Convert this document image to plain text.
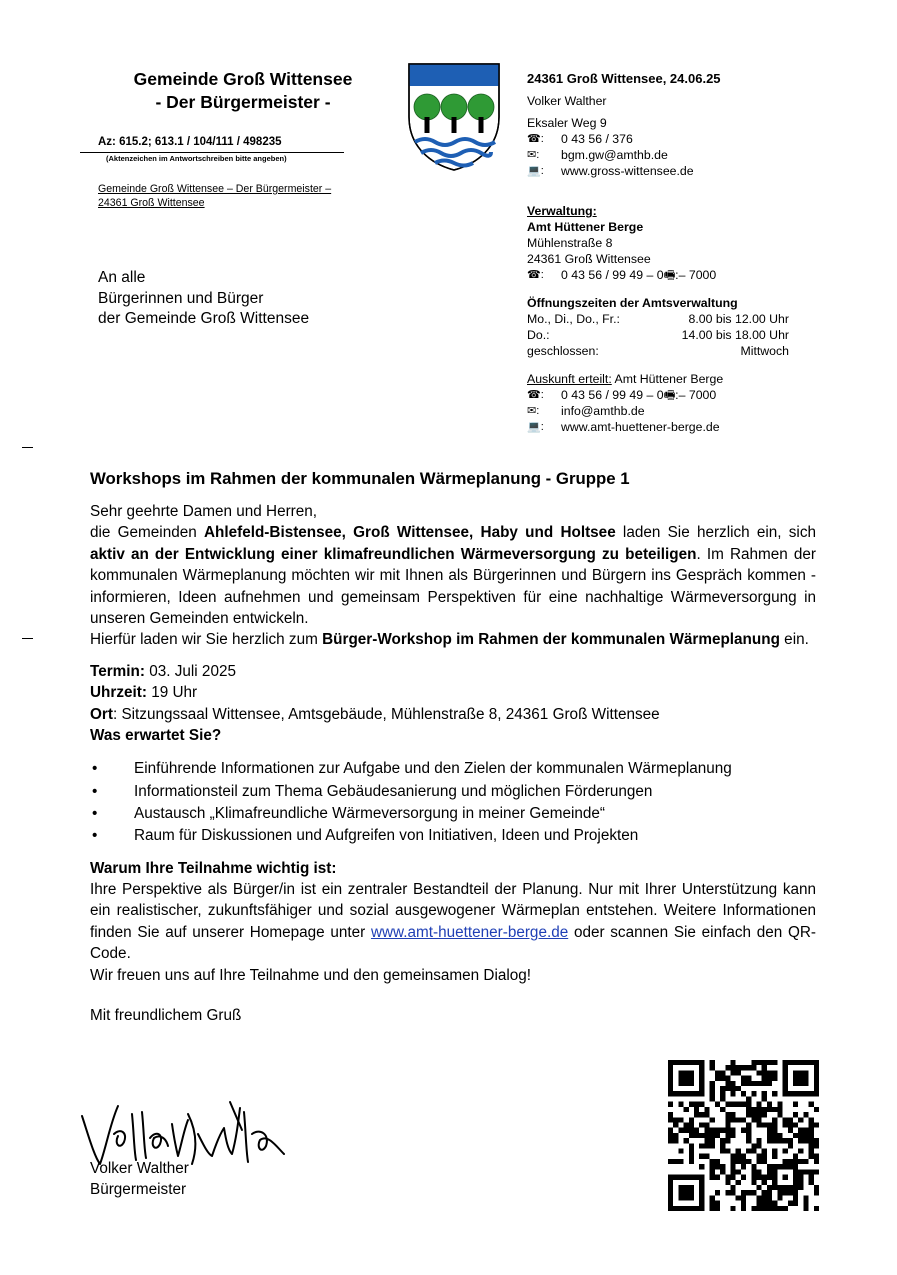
Gemeinde Groß Wittensee
- Der Bürgermeister -
Az: 615.2; 613.1 / 104/111 / 498235
(Aktenzeichen im Antwortschreiben bitte angeben)
Gemeinde Groß Wittensee – Der Bürgermeister –
24361 Groß Wittensee
An alle
Bürgerinnen und Bürger
der Gemeinde Groß Wittensee
24361 Groß Wittensee, 24.06.25
Volker Walther
Eksaler Weg 9
☎:	0 43 56 / 376
✉:	bgm.gw@amthb.de
💻:	www.gross-wittensee.de
Verwaltung:
Amt Hüttener Berge
Mühlenstraße 8
24361 Groß Wittensee
☎:	0 43 56 / 99 49 – 0 🖷: – 7000
Öffnungszeiten der Amtsverwaltung
Mo., Di., Do., Fr.:	8.00 bis 12.00 Uhr
Do.:	14.00 bis 18.00 Uhr
geschlossen:	Mittwoch
Auskunft erteilt: Amt Hüttener Berge
☎:	0 43 56 / 99 49 – 0 🖷: – 7000
✉:	info@amthb.de
💻:	www.amt-huettener-berge.de
Workshops im Rahmen der kommunalen Wärmeplanung - Gruppe 1

Sehr geehrte Damen und Herren,

die Gemeinden Ahlefeld-Bistensee, Groß Wittensee, Haby und Holtsee laden Sie herzlich ein, sich aktiv an der Entwicklung einer klimafreundlichen Wärmeversorgung zu beteiligen. Im Rahmen der kommunalen Wärmeplanung möchten wir mit Ihnen als Bürgerinnen und Bürgern ins Gespräch kommen - informieren, Ideen aufnehmen und gemeinsam Perspektiven für eine nachhaltige Wärmeversorgung in unseren Gemeinden entwickeln.

Hierfür laden wir Sie herzlich zum Bürger-Workshop im Rahmen der kommunalen Wärmeplanung ein.

Termin: 03. Juli 2025

Uhrzeit: 19 Uhr

Ort: Sitzungssaal Wittensee, Amtsgebäude, Mühlenstraße 8, 24361 Groß Wittensee

Was erwartet Sie?

•	Einführende Informationen zur Aufgabe und den Zielen der kommunalen Wärmeplanung
•	Informationsteil zum Thema Gebäudesanierung und möglichen Förderungen
•	Austausch „Klimafreundliche Wärmeversorgung in meiner Gemeinde“
•	Raum für Diskussionen und Aufgreifen von Initiativen, Ideen und Projekten

Warum Ihre Teilnahme wichtig ist:

Ihre Perspektive als Bürger/in ist ein zentraler Bestandteil der Planung. Nur mit Ihrer Unterstützung kann ein realistischer, zukunftsfähiger und sozial ausgewogener Wärmeplan entstehen. Weitere Informationen finden Sie auf unserer Homepage unter www.amt-huettener-berge.de oder scannen Sie einfach den QR-Code.

Wir freuen uns auf Ihre Teilnahme und den gemeinsamen Dialog!

Mit freundlichem Gruß

Volker Walther
Bürgermeister
